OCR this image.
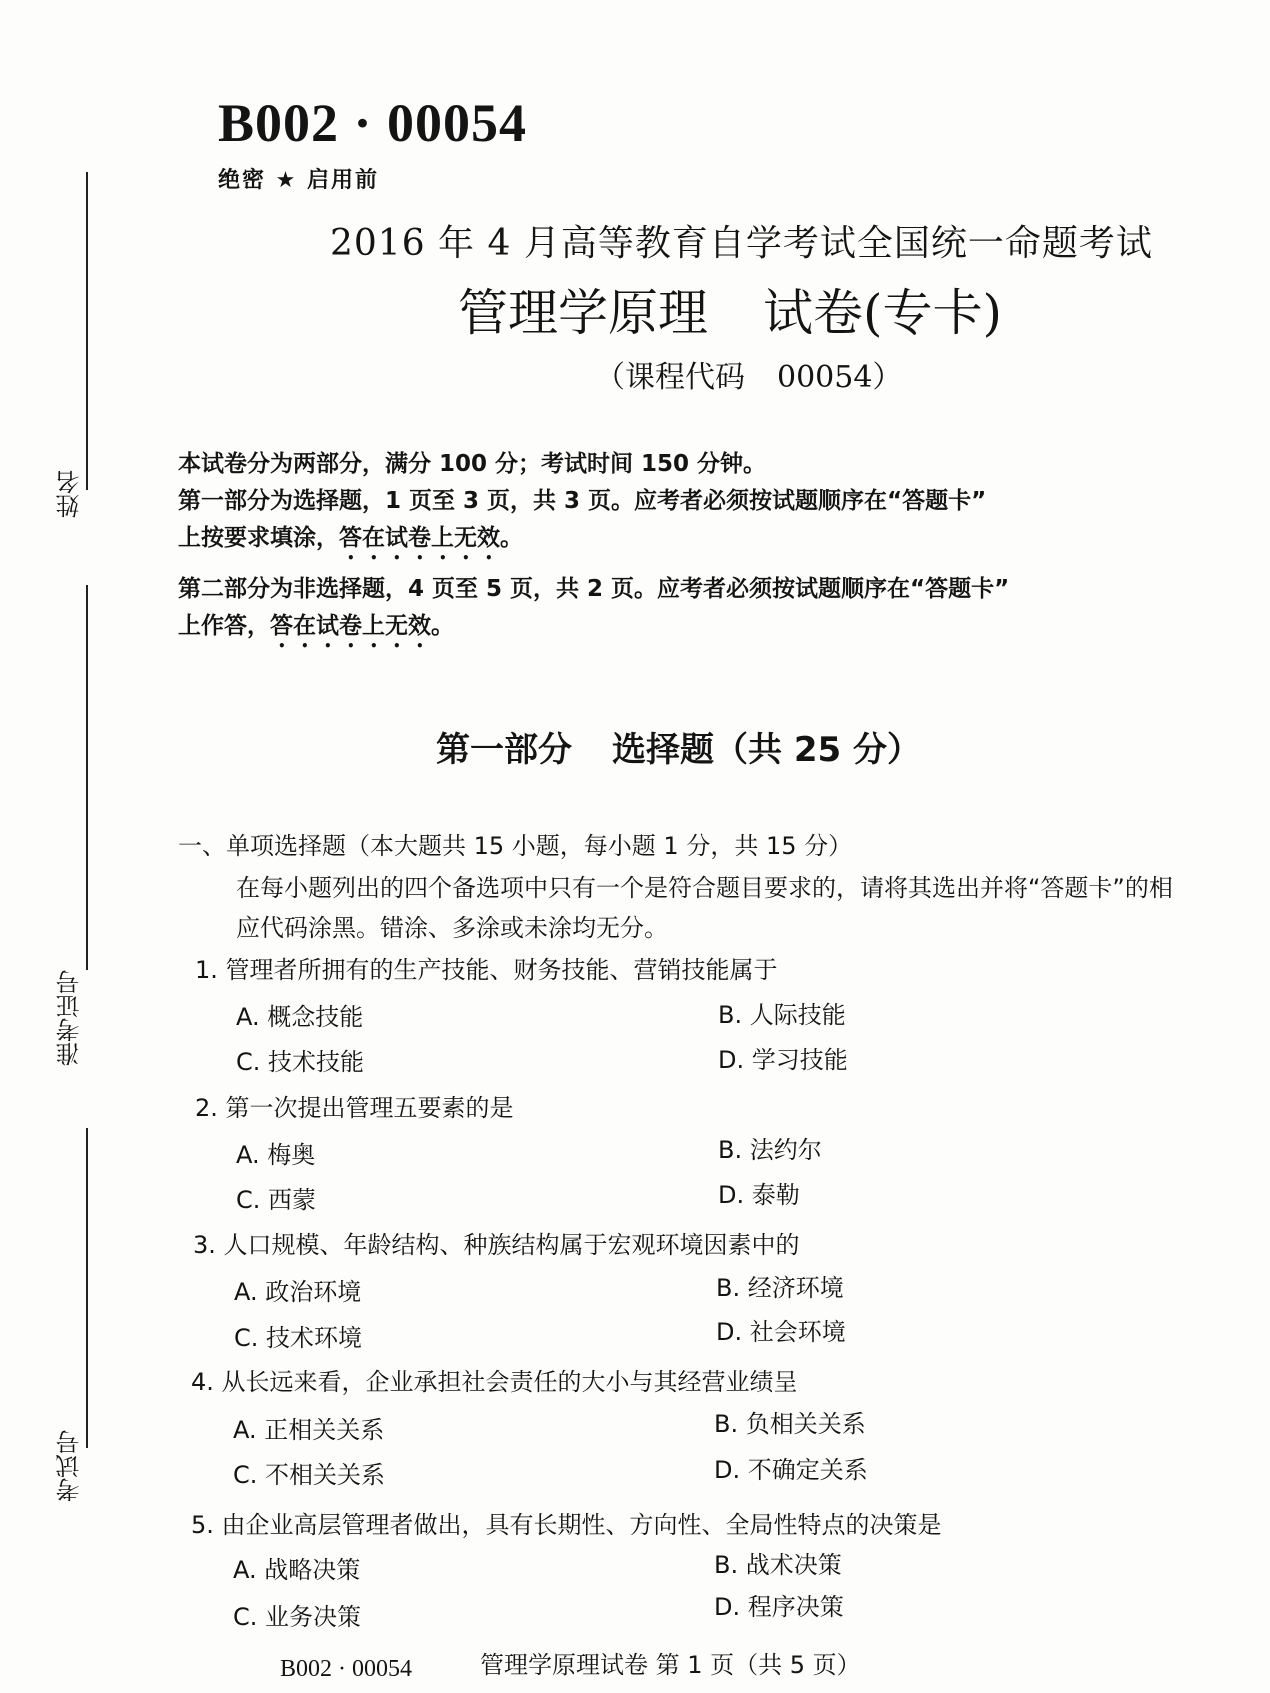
姓名
准考证号
考试号
B002 · 00054
绝密 ★ 启用前
2016 年 4 月高等教育自学考试全国统一命题考试
管理学原理 试卷(专卡)
（课程代码 00054）

本试卷分为两部分，满分 100 分；考试时间 150 分钟。

第一部分为选择题，1 页至 3 页，共 3 页。应考者必须按试题顺序在“答题卡”

上按要求填涂，答在试卷上无效。

第二部分为非选择题，4 页至 5 页，共 2 页。应考者必须按试题顺序在“答题卡”

上作答，答在试卷上无效。

第一部分 选择题（共 25 分）
一、单项选择题（本大题共 15 小题，每小题 1 分，共 15 分）
在每小题列出的四个备选项中只有一个是符合题目要求的，请将其选出并将“答题卡”的相应代码涂黑。错涂、多涂或未涂均无分。
1. 管理者所拥有的生产技能、财务技能、营销技能属于
A. 概念技能	B. 人际技能
C. 技术技能	D. 学习技能
2. 第一次提出管理五要素的是
A. 梅奥	B. 法约尔
C. 西蒙	D. 泰勒
3. 人口规模、年龄结构、种族结构属于宏观环境因素中的
A. 政治环境	B. 经济环境
C. 技术环境	D. 社会环境
4. 从长远来看，企业承担社会责任的大小与其经营业绩呈
A. 正相关关系	B. 负相关关系
C. 不相关关系	D. 不确定关系
5. 由企业高层管理者做出，具有长期性、方向性、全局性特点的决策是
A. 战略决策	B. 战术决策
C. 业务决策	D. 程序决策
B002 · 00054	管理学原理试卷 第 1 页（共 5 页）
